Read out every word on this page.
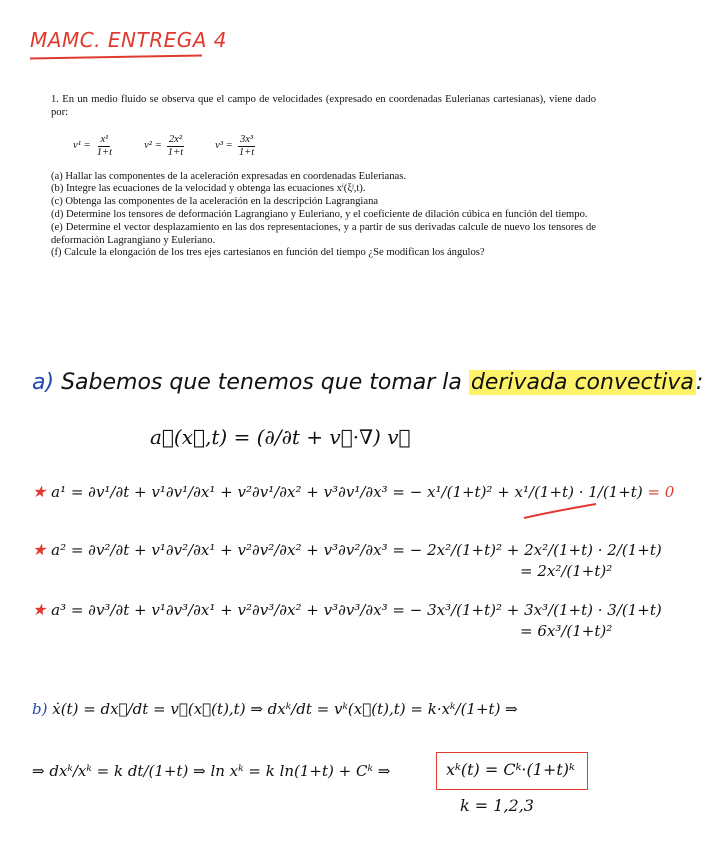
MAMC. ENTREGA 4

1. En un medio fluido se observa que el campo de velocidades (expresado en coordenadas Eulerianas cartesianas), viene dado por:

$v^1 = \frac{\text{x¹}}{1+t}$	$v^2 = \frac{\text{2x²}}{1+t}$	$v^3 = \frac{\text{3x³}}{1+t}$

(a) Hallar las componentes de la aceleración expresadas en coordenadas Eulerianas.

(b) Integre las ecuaciones de la velocidad y obtenga las ecuaciones xⁱ(ξʲ,t).

(c) Obtenga las componentes de la aceleración en la descripción Lagrangiana

(d) Determine los tensores de deformación Lagrangiano y Euleriano, y el coeficiente de dilación cúbica en función del tiempo.

(e) Determine el vector desplazamiento en las dos representaciones, y a partir de sus derivadas calcule de nuevo los tensores de deformación Lagrangiano y Euleriano.

(f) Calcule la elongación de los tres ejes cartesianos en función del tiempo ¿Se modifican los ángulos?

a) Sabemos que tenemos que tomar la derivada convectiva:
a⃗(x⃗,t) = (∂/∂t + v⃗·∇) v⃗
★ a¹ = ∂v¹/∂t + v¹∂v¹/∂x¹ + v²∂v¹/∂x² + v³∂v¹/∂x³ = − x¹/(1+t)² + x¹/(1+t) · 1/(1+t) = 0
★ a² = ∂v²/∂t + v¹∂v²/∂x¹ + v²∂v²/∂x² + v³∂v²/∂x³ = − 2x²/(1+t)² + 2x²/(1+t) · 2/(1+t)
= 2x²/(1+t)²
★ a³ = ∂v³/∂t + v¹∂v³/∂x¹ + v²∂v³/∂x² + v³∂v³/∂x³ = − 3x³/(1+t)² + 3x³/(1+t) · 3/(1+t)
= 6x³/(1+t)²
b) ẋ(t) = dx⃗/dt = v⃗(x⃗(t),t) ⇒ dxᵏ/dt = vᵏ(x⃗(t),t) = k·xᵏ/(1+t) ⇒
⇒ dxᵏ/xᵏ = k dt/(1+t) ⇒ ln xᵏ = k ln(1+t) + Cᵏ ⇒	xᵏ(t) = Cᵏ·(1+t)ᵏ
k = 1,2,3
